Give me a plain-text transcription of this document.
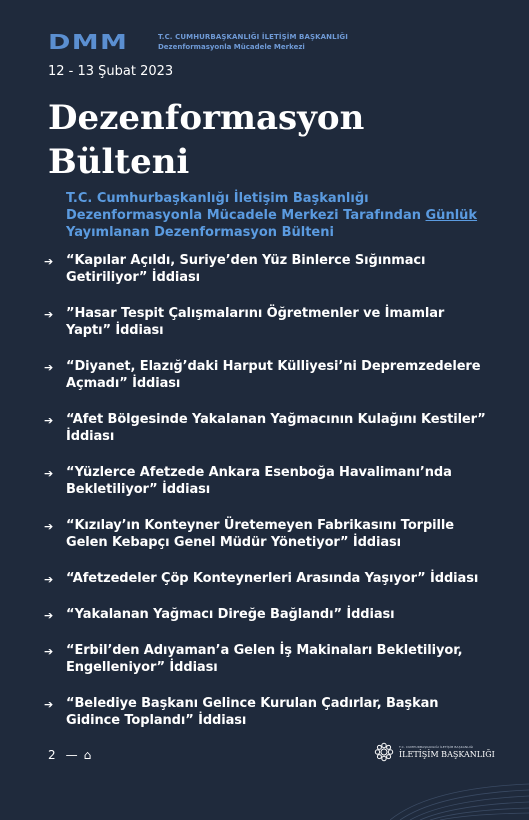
DMM	T.C. CUMHURBAŞKANLIĞI İLETİŞİM BAŞKANLIĞI
Dezenformasyonla Mücadele Merkezi
12 - 13 Şubat 2023
Dezenformasyon
Bülteni
T.C. Cumhurbaşkanlığı İletişim Başkanlığı
Dezenformasyonla Mücadele Merkezi Tarafından Günlük
Yayımlanan Dezenformasyon Bülteni
➔ “Kapılar Açıldı, Suriye’den Yüz Binlerce Sığınmacı Getiriliyor” İddiası
➔ ”Hasar Tespit Çalışmalarını Öğretmenler ve İmamlar Yaptı” İddiası
➔ “Diyanet, Elazığ’daki Harput Külliyesi’ni Depremzedelere Açmadı” İddiası
➔ “Afet Bölgesinde Yakalanan Yağmacının Kulağını Kestiler” İddiası
➔ “Yüzlerce Afetzede Ankara Esenboğa Havalimanı’nda Bekletiliyor” İddiası
➔ “Kızılay’ın Konteyner Üretemeyen Fabrikasını Torpille Gelen Kebapçı Genel Müdür Yönetiyor” İddiası
➔ “Afetzedeler Çöp Konteynerleri Arasında Yaşıyor” İddiası
➔ “Yakalanan Yağmacı Direğe Bağlandı” İddiası
➔ “Erbil’den Adıyaman’a Gelen İş Makinaları Bekletiliyor, Engelleniyor” İddiası
➔ “Belediye Başkanı Gelince Kurulan Çadırlar, Başkan Gidince Toplandı” İddiası
2 — ⌂
T.C. CUMHURBAŞKANLIĞI İLETİŞİM BAŞKANLIĞI
İLETİŞİM BAŞKANLIĞI
